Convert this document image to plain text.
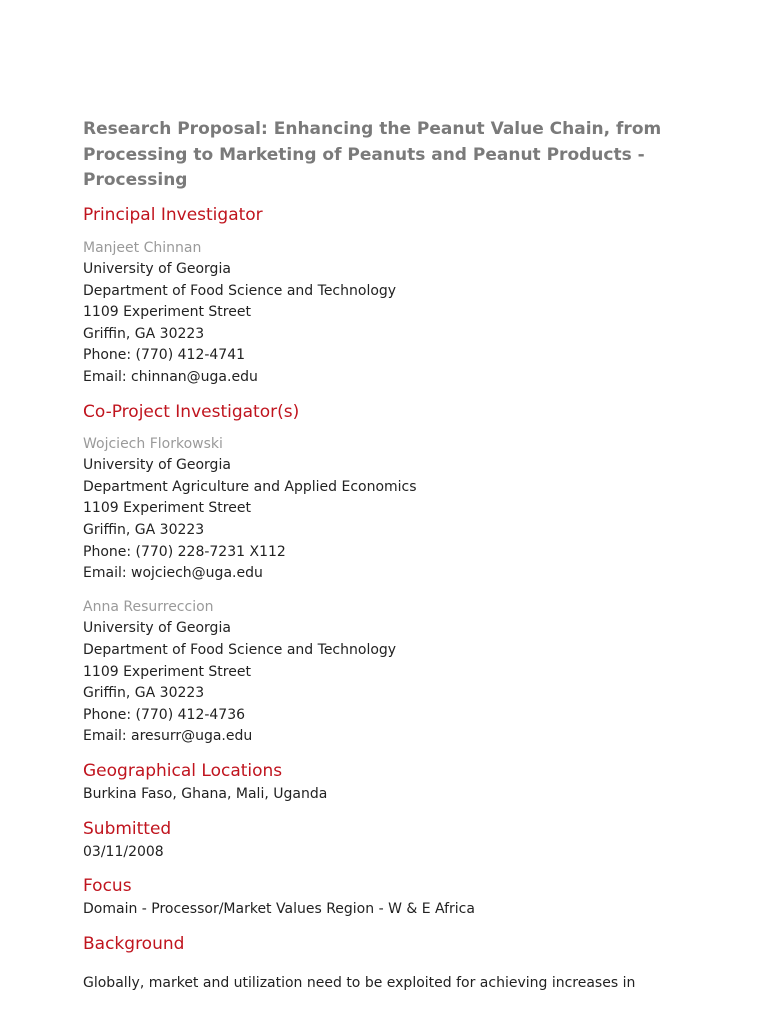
Research Proposal: Enhancing the Peanut Value Chain, from Processing to Marketing of Peanuts and Peanut Products - Processing
Principal Investigator
Manjeet Chinnan
University of Georgia
Department of Food Science and Technology
1109 Experiment Street
Griffin, GA 30223
Phone: (770) 412-4741
Email: chinnan@uga.edu
Co-Project Investigator(s)
Wojciech Florkowski
University of Georgia
Department Agriculture and Applied Economics
1109 Experiment Street
Griffin, GA 30223
Phone: (770) 228-7231 X112
Email: wojciech@uga.edu
Anna Resurreccion
University of Georgia
Department of Food Science and Technology
1109 Experiment Street
Griffin, GA 30223
Phone: (770) 412-4736
Email: aresurr@uga.edu
Geographical Locations
Burkina Faso, Ghana, Mali, Uganda
Submitted
03/11/2008
Focus
Domain - Processor/Market Values Region - W & E Africa
Background
Globally, market and utilization need to be exploited for achieving increases in
